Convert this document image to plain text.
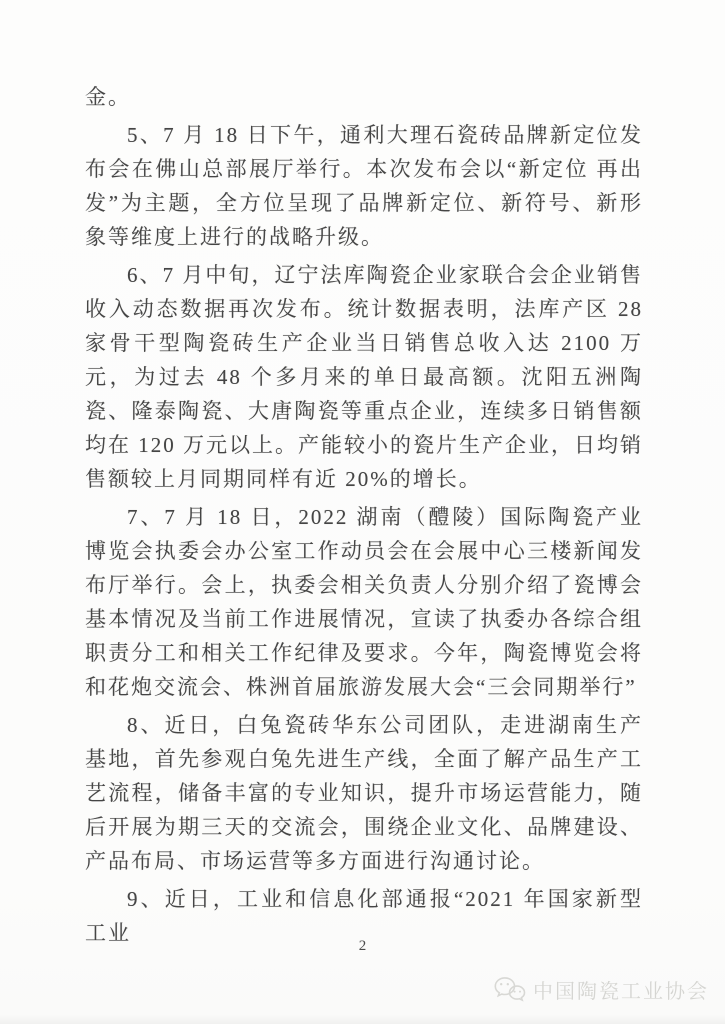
金。

5、7 月 18 日下午，通利大理石瓷砖品牌新定位发布会在佛山总部展厅举行。本次发布会以“新定位 再出发”为主题，全方位呈现了品牌新定位、新符号、新形象等维度上进行的战略升级。

6、7 月中旬，辽宁法库陶瓷企业家联合会企业销售收入动态数据再次发布。统计数据表明，法库产区 28 家骨干型陶瓷砖生产企业当日销售总收入达 2100 万元，为过去 48 个多月来的单日最高额。沈阳五洲陶瓷、隆泰陶瓷、大唐陶瓷等重点企业，连续多日销售额均在 120 万元以上。产能较小的瓷片生产企业，日均销售额较上月同期同样有近 20%的增长。

7、7 月 18 日，2022 湖南（醴陵）国际陶瓷产业博览会执委会办公室工作动员会在会展中心三楼新闻发布厅举行。会上，执委会相关负责人分别介绍了瓷博会基本情况及当前工作进展情况，宣读了执委办各综合组职责分工和相关工作纪律及要求。今年，陶瓷博览会将和花炮交流会、株洲首届旅游发展大会“三会同期举行”

8、近日，白兔瓷砖华东公司团队，走进湖南生产基地，首先参观白兔先进生产线，全面了解产品生产工艺流程，储备丰富的专业知识，提升市场运营能力，随后开展为期三天的交流会，围绕企业文化、品牌建设、产品布局、市场运营等多方面进行沟通讨论。

9、近日，工业和信息化部通报“2021 年国家新型工业

2
中国陶瓷工业协会
